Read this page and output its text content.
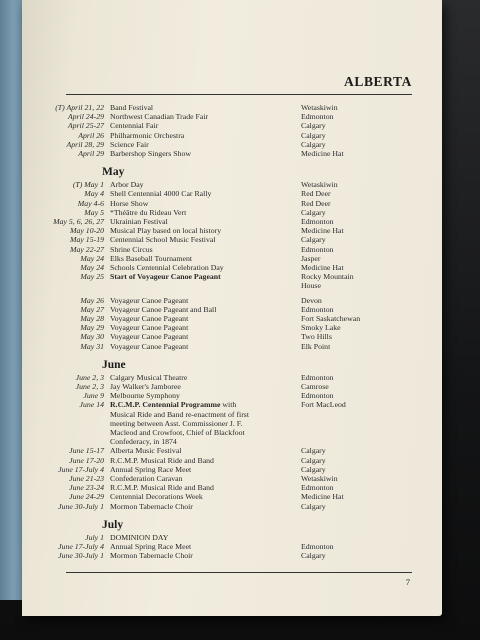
ALBERTA
(T) April 21, 22 Band Festival	Wetaskiwin
April 24-29 Northwest Canadian Trade Fair	Edmonton
April 25-27 Centennial Fair	Calgary
April 26 Philharmonic Orchestra	Calgary
April 28, 29 Science Fair	Calgary
April 29 Barbershop Singers Show	Medicine Hat
May
(T) May 1 Arbor Day	Wetaskiwin
May 4 Shell Centennial 4000 Car Rally	Red Deer
May 4-6 Horse Show	Red Deer
May 5 *Théâtre du Rideau Vert	Calgary
May 5, 6, 26, 27 Ukrainian Festival	Edmonton
May 10-20 Musical Play based on local history	Medicine Hat
May 15-19 Centennial School Music Festival	Calgary
May 22-27 Shrine Circus	Edmonton
May 24 Elks Baseball Tournament	Jasper
May 24 Schools Centennial Celebration Day	Medicine Hat
May 25 Start of Voyageur Canoe Pageant	Rocky Mountain
House
May 26 Voyageur Canoe Pageant	Devon
May 27 Voyageur Canoe Pageant and Ball	Edmonton
May 28 Voyageur Canoe Pageant	Fort Saskatchewan
May 29 Voyageur Canoe Pageant	Smoky Lake
May 30 Voyageur Canoe Pageant	Two Hills
May 31 Voyageur Canoe Pageant	Elk Point
June
June 2, 3 Calgary Musical Theatre	Edmonton
June 2, 3 Jay Walker's Jamboree	Camrose
June 9 Melbourne Symphony	Edmonton
June 14 R.C.M.P. Centennial Programme with	Fort MacLeod
Musical Ride and Band re-enactment of first
meeting between Asst. Commissioner J. F.
Macleod and Crowfoot, Chief of Blackfoot
Confederacy, in 1874
June 15-17 Alberta Music Festival	Calgary
June 17-20 R.C.M.P. Musical Ride and Band	Calgary
June 17-July 4 Annual Spring Race Meet	Calgary
June 21-23 Confederation Caravan	Wetaskiwin
June 23-24 R.C.M.P. Musical Ride and Band	Edmonton
June 24-29 Centennial Decorations Week	Medicine Hat
June 30-July 1 Mormon Tabernacle Choir	Calgary
July
July 1 DOMINION DAY
June 17-July 4 Annual Spring Race Meet	Edmonton
June 30-July 1 Mormon Tabernacle Choir	Calgary
7
